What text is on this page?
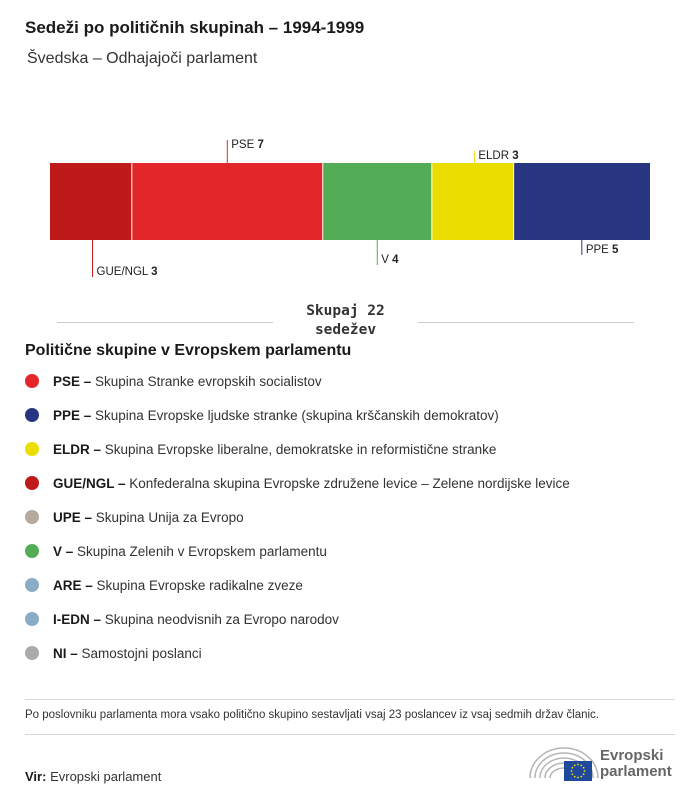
Sedeži po političnih skupinah – 1994-1999
Švedska – Odhajajoči parlament
GUE/NGL 3
PSE 7
V 4
ELDR 3
PPE 5
Skupaj 22
sedežev
Politične skupine v Evropskem parlamentu
PSE – Skupina Stranke evropskih socialistov
PPE – Skupina Evropske ljudske stranke (skupina krščanskih demokratov)
ELDR – Skupina Evropske liberalne, demokratske in reformistične stranke
GUE/NGL – Konfederalna skupina Evropske združene levice – Zelene nordijske levice
UPE – Skupina Unija za Evropo
V – Skupina Zelenih v Evropskem parlamentu
ARE – Skupina Evropske radikalne zveze
I-EDN – Skupina neodvisnih za Evropo narodov
NI – Samostojni poslanci
Po poslovniku parlamenta mora vsako politično skupino sestavljati vsaj 23 poslancev iz vsaj sedmih držav članic.
Vir: Evropski parlament
Evropski
parlament
